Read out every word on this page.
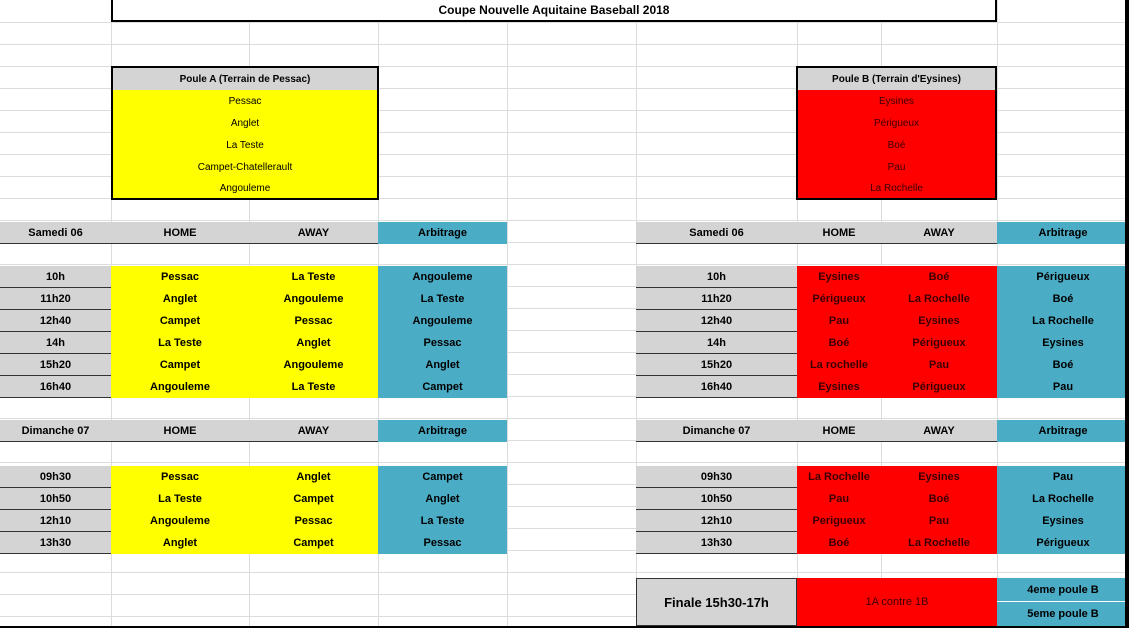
Coupe Nouvelle Aquitaine Baseball 2018
Poule A (Terrain de Pessac)
Pessac
Anglet
La Teste
Campet-Chatellerault
Angouleme
Poule B (Terrain d'Eysines)
Eysines
Périgueux
Boé
Pau
La Rochelle
Samedi 06	HOME	AWAY	Arbitrage	Samedi 06	HOME	AWAY	Arbitrage
10h	Pessac	La Teste	Angouleme
11h20	Anglet	Angouleme	La Teste
12h40	Campet	Pessac	Angouleme
14h	La Teste	Anglet	Pessac
15h20	Campet	Angouleme	Anglet
16h40	Angouleme	La Teste	Campet
10h	Eysines	Boé	Périgueux
11h20	Périgueux	La Rochelle	Boé
12h40	Pau	Eysines	La Rochelle
14h	Boé	Périgueux	Eysines
15h20	La rochelle	Pau	Boé
16h40	Eysines	Périgueux	Pau
Dimanche 07	HOME	AWAY	Arbitrage	Dimanche 07	HOME	AWAY	Arbitrage
09h30	Pessac	Anglet	Campet
10h50	La Teste	Campet	Anglet
12h10	Angouleme	Pessac	La Teste
13h30	Anglet	Campet	Pessac
09h30	La Rochelle	Eysines	Pau
10h50	Pau	Boé	La Rochelle
12h10	Perigueux	Pau	Eysines
13h30	Boé	La Rochelle	Périgueux
Finale 15h30-17h	1A contre 1B
4eme poule B
5eme poule B
